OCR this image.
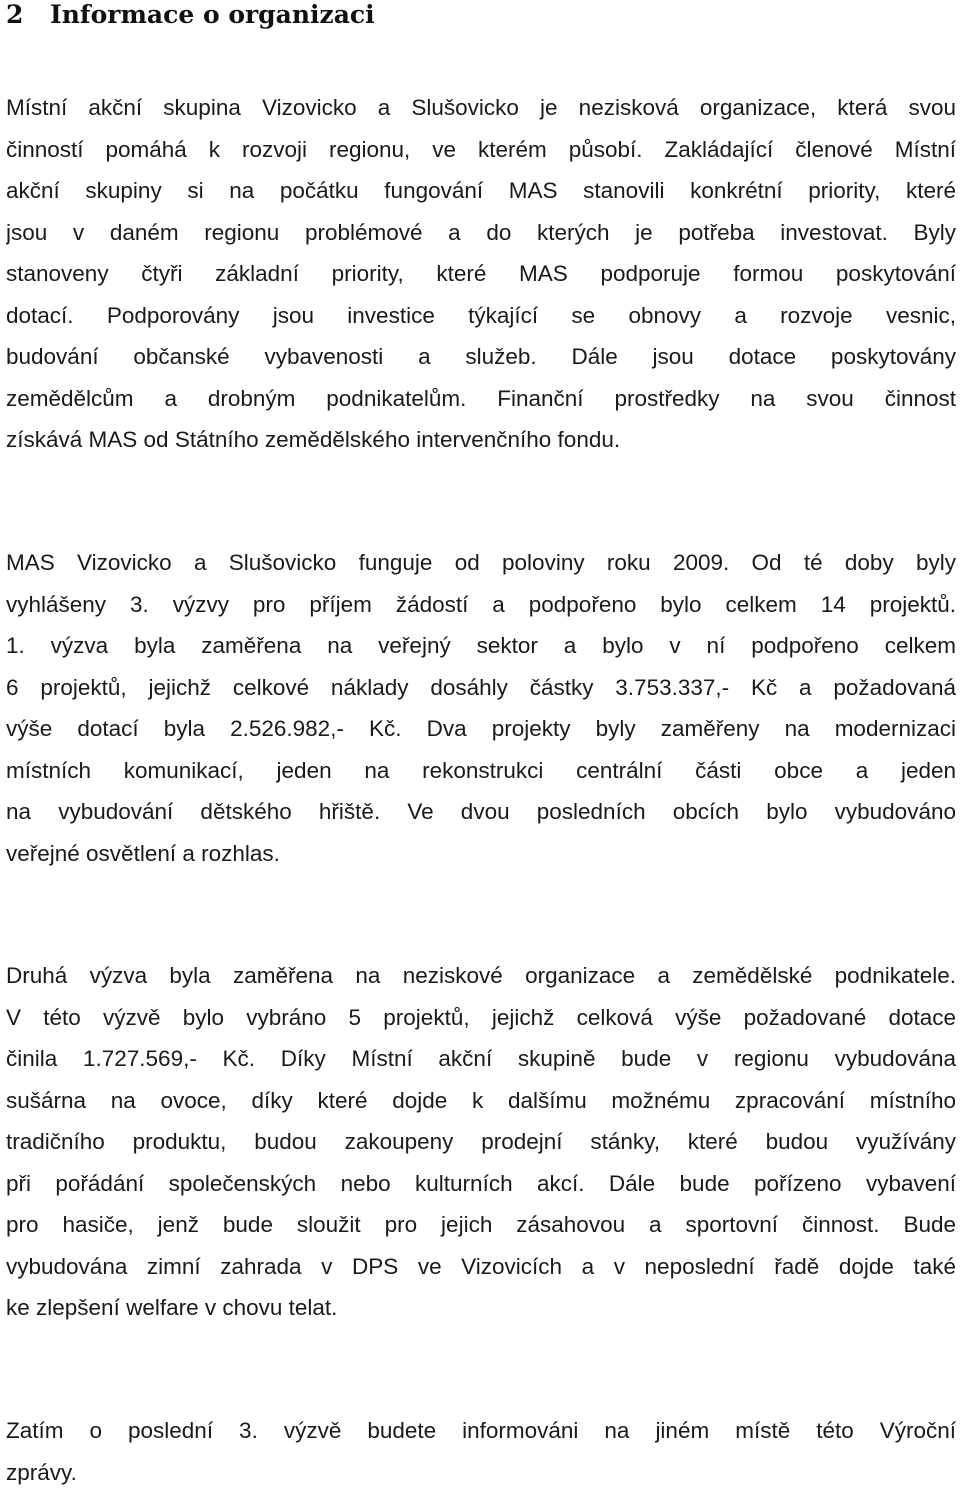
2 Informace o organizaci
Místní akční skupina Vizovicko a Slušovicko je nezisková organizace, která svou
činností pomáhá k rozvoji regionu, ve kterém působí. Zakládající členové Místní
akční skupiny si na počátku fungování MAS stanovili konkrétní priority, které
jsou v daném regionu problémové a do kterých je potřeba investovat. Byly
stanoveny čtyři základní priority, které MAS podporuje formou poskytování
dotací. Podporovány jsou investice týkající se obnovy a rozvoje vesnic,
budování občanské vybavenosti a služeb. Dále jsou dotace poskytovány
zemědělcům a drobným podnikatelům. Finanční prostředky na svou činnost
získává MAS od Státního zemědělského intervenčního fondu.
MAS Vizovicko a Slušovicko funguje od poloviny roku 2009. Od té doby byly
vyhlášeny 3. výzvy pro příjem žádostí a podpořeno bylo celkem 14 projektů.
1. výzva byla zaměřena na veřejný sektor a bylo v ní podpořeno celkem
6 projektů, jejichž celkové náklady dosáhly částky 3.753.337,- Kč a požadovaná
výše dotací byla 2.526.982,- Kč. Dva projekty byly zaměřeny na modernizaci
místních komunikací, jeden na rekonstrukci centrální části obce a jeden
na vybudování dětského hřiště. Ve dvou posledních obcích bylo vybudováno
veřejné osvětlení a rozhlas.
Druhá výzva byla zaměřena na neziskové organizace a zemědělské podnikatele.
V této výzvě bylo vybráno 5 projektů, jejichž celková výše požadované dotace
činila 1.727.569,- Kč. Díky Místní akční skupině bude v regionu vybudována
sušárna na ovoce, díky které dojde k dalšímu možnému zpracování místního
tradičního produktu, budou zakoupeny prodejní stánky, které budou využívány
při pořádání společenských nebo kulturních akcí. Dále bude pořízeno vybavení
pro hasiče, jenž bude sloužit pro jejich zásahovou a sportovní činnost. Bude
vybudována zimní zahrada v DPS ve Vizovicích a v neposlední řadě dojde také
ke zlepšení welfare v chovu telat.
Zatím o poslední 3. výzvě budete informováni na jiném místě této Výroční
zprávy.
